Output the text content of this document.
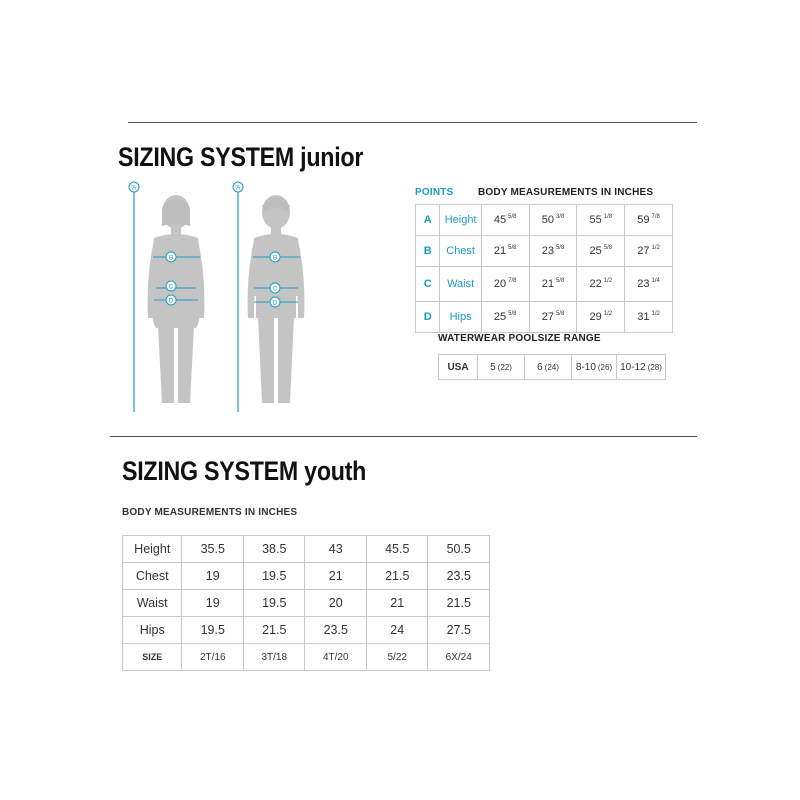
SIZING SYSTEM junior
A	A
B
C
D
B
C
D
POINTS BODY MEASUREMENTS IN INCHES
A	Height	45 $^{5/8}$	50 $^{3/8}$	55 $^{1/8}$	59 $^{7/8}$
B	Chest	21 $^{5/8}$	23 $^{5/8}$	25 $^{5/8}$	27 $^{1/2}$
C	Waist	20 $^{7/8}$	21 $^{5/8}$	22 $^{1/2}$	23 $^{1/4}$
D	Hips	25 $^{5/8}$	27 $^{5/8}$	29 $^{1/2}$	31 $^{1/2}$
WATERWEAR POOLSIZE RANGE
USA	5 (22)	6 (24)	8-10 (26)	10-12 (28)
SIZING SYSTEM youth
BODY MEASUREMENTS IN INCHES
Height	35.5	38.5	43	45.5	50.5
Chest	19	19.5	21	21.5	23.5
Waist	19	19.5	20	21	21.5
Hips	19.5	21.5	23.5	24	27.5
SIZE	2T/16	3T/18	4T/20	5/22	6X/24
